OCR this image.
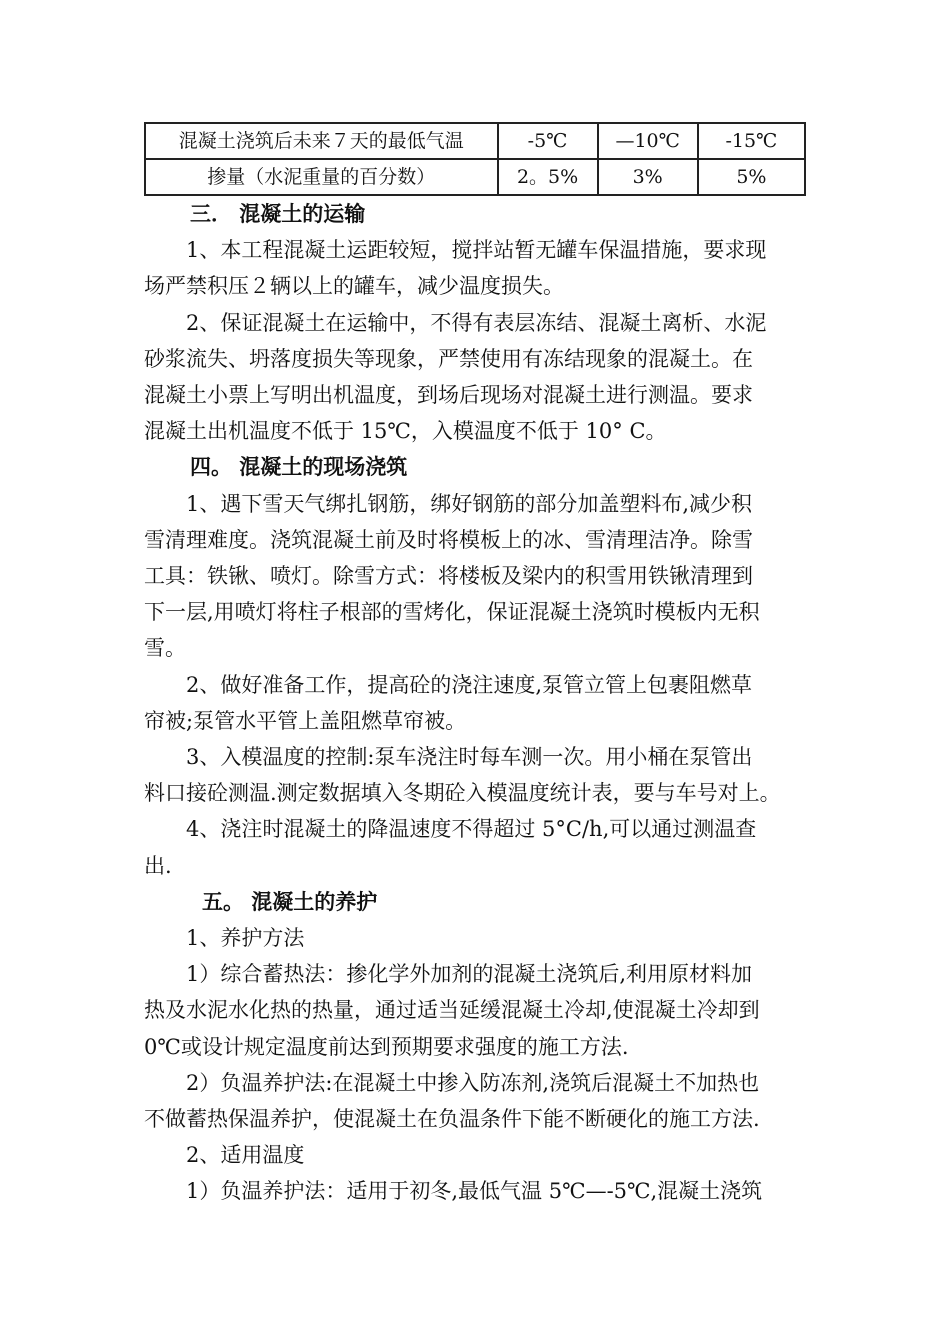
混凝土浇筑后未来７天的最低气温	-5℃	—10℃	-15℃
掺量（水泥重量的百分数）	2。5%	3%	5%

三． 混凝土的运输

1、本工程混凝土运距较短，搅拌站暂无罐车保温措施，要求现

场严禁积压２辆以上的罐车，减少温度损失。

2、保证混凝土在运输中，不得有表层冻结、混凝土离析、水泥

砂浆流失、坍落度损失等现象，严禁使用有冻结现象的混凝土。在

混凝土小票上写明出机温度，到场后现场对混凝土进行测温。要求

混凝土出机温度不低于 15℃，入模温度不低于 10° C。

四。 混凝土的现场浇筑

1、遇下雪天气绑扎钢筋，绑好钢筋的部分加盖塑料布,减少积

雪清理难度。浇筑混凝土前及时将模板上的冰、雪清理洁净。除雪

工具：铁锹、喷灯。除雪方式：将楼板及梁内的积雪用铁锹清理到

下一层,用喷灯将柱子根部的雪烤化，保证混凝土浇筑时模板内无积

雪。

2、做好准备工作，提高砼的浇注速度,泵管立管上包裹阻燃草

帘被;泵管水平管上盖阻燃草帘被。

3、入模温度的控制:泵车浇注时每车测一次。用小桶在泵管出

料口接砼测温.测定数据填入冬期砼入模温度统计表，要与车号对上。

4、浇注时混凝土的降温速度不得超过 5°C/h,可以通过测温查

出.

五。 混凝土的养护

1、养护方法

1）综合蓄热法：掺化学外加剂的混凝土浇筑后,利用原材料加

热及水泥水化热的热量，通过适当延缓混凝土冷却,使混凝土冷却到

0℃或设计规定温度前达到预期要求强度的施工方法.

2）负温养护法:在混凝土中掺入防冻剂,浇筑后混凝土不加热也

不做蓄热保温养护，使混凝土在负温条件下能不断硬化的施工方法.

2、适用温度

1）负温养护法：适用于初冬,最低气温 5℃—-5℃,混凝土浇筑
